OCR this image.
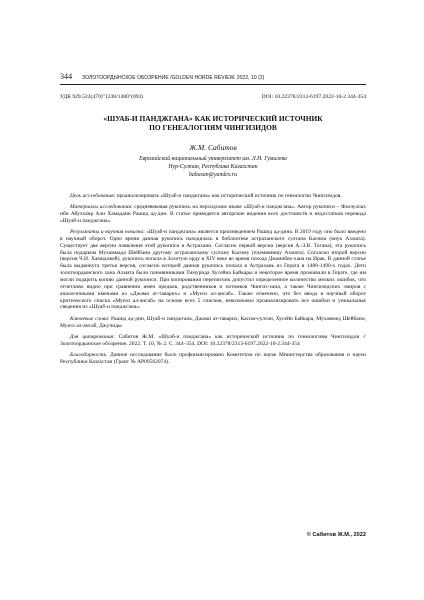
344 ЗОЛОТООРДЫНСКОЕ ОБОЗРЕНИЕ /GOLDEN HORDE REVIEW. 2022, 10 (2)
УДК 929.522(470)"1238/1480"(093)	DOI: 10.22378/2313-6197.2022-10-2.344-354
«ШУАБ-И ПАНДЖГАНА» КАК ИСТОРИЧЕСКИЙ ИСТОЧНИК
ПО ГЕНЕАЛОГИЯМ ЧИНГИЗИДОВ
Ж.М. Сабитов
Евразийский национальный университет им. Л.Н. Гумилева
Нур-Султан, Республика Казахстан
babasan@yandex.ru

Цель исследования: проанализировать «Шуаб-и панджгана» как исторический источник по генеалогии Чингизидов.

Материалы исследования: средневековая рукопись на персидском языке «Шуаб-и панджгана». Автор рукописи – Фазлуллах ибн Абулхаир Али Хамадани Рашид ад-дин. В статье приводятся авторские видения всех достоинств и недостатков перевода «Шуаб-и панджгана».

Результаты и научная новизна: «Шуаб-и панджгана» является произведением Рашид ад-дина. В 2019 году оно было введено в научный оборот. Одно время данная рукопись находилась в библиотеке астраханского султана Касима (внук Ахмата). Существует две версии появления этой рукописи в Астрахани. Согласно первой версии (версия А.-З.В. Тогана), эта рукопись была подарком Мухаммада Шейбани другому астраханскому султану Касиму (племяннику Ахмата). Согласно второй версии (версия Ч.И. Хамидовой), рукопись попала в Золотую орду в XIV веке во время похода Джанибек-хана на Ирак. В данной статье была выдвинута третья версия, согласно которой данная рукопись попала в Астрахань из Герата в 1480-1490-х годах. Дети золотоордынского хана Ахмата были племянниками Тимурида Хусейна Байкары и некоторое время проживали в Герате, где им могли подарить копию данной рукописи. При копировании переписчик допустил определенное количество мелких ошибок, что отчетливо видно при сравнении имен предков, родственников и потомков Чингиз-хана, а также Чингизидских эмиров с аналогичными именами из «Джами ат-таварих» и «Муизз ал-ансаб». Также отмечено, что без ввода в научный оборот критического списка «Муизз ал-ансаб» на основе всех 5 списков, невозможно проанализировать все ошибки и уникальные сведения из «Шуаб-и панджгана».

Ключевые слова: Рашид ад-дин, Шуаб-и панджгана, Джами ат-таварих, Касим-султан, Хусейн Байкара, Мухаммед Шейбани, Муизз ал-ансаб, Джучиды

Для цитирования: Сабитов Ж.М. «Шуаб-и панджгана» как исторический источник по генеалогиям Чингизидов // Золотоордынское обозрение. 2022. Т. 10, № 2. С. 344–354. DOI: 10.22378/2313-6197.2022-10-2.344-354

Благодарность. Данное исследование было профинансировано Комитетом по науке Министерства образования и науки Республики Казахстан (Грант № AP09562074).

© Сабитов Ж.М., 2022
